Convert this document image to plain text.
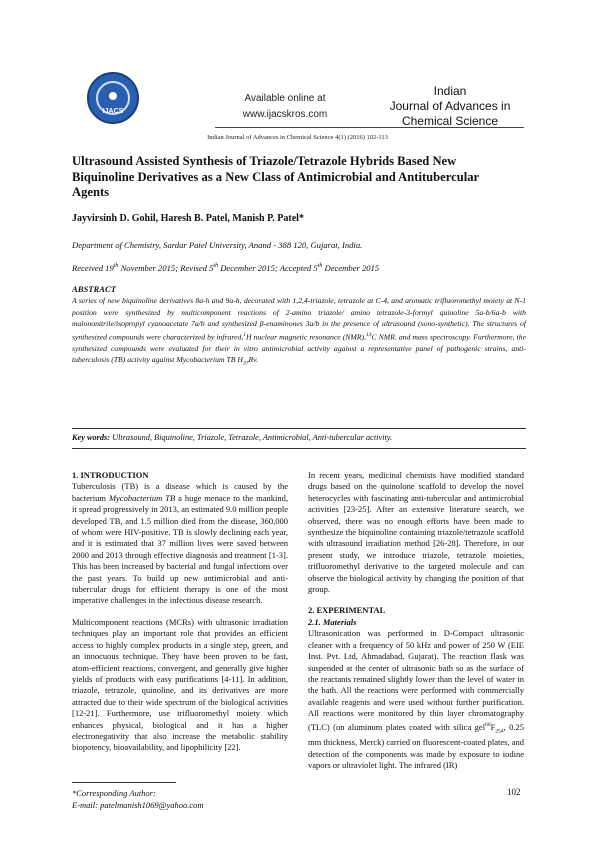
IJACS
Available online at
www.ijacskros.com
Indian
Journal of Advances in
Chemical Science
Indian Journal of Advances in Chemical Science 4(1) (2016) 102-113
Ultrasound Assisted Synthesis of Triazole/Tetrazole Hybrids Based New
Biquinoline Derivatives as a New Class of Antimicrobial and Antitubercular
Agents
Jayvirsinh D. Gohil, Haresh B. Patel, Manish P. Patel*
Department of Chemistry, Sardar Patel University, Anand - 388 120, Gujarat, India.
Received 19th November 2015; Revised 5th December 2015; Accepted 5th December 2015
ABSTRACT
A series of new biquinoline derivatives 8a-h and 9a-h, decorated with 1,2,4-triazole, tetrazole at C-4, and aromatic trifluoromethyl moiety at N-1 position were synthesized by multicomponent reactions of 2-amino triazole/ amino tetrazole-3-formyl quinoline 5a-b/6a-b with malononitrile/isopropyl cyanoacetate 7a/b and synthesized β-enaminones 3a/b in the presence of ultrasound (sono-synthetic). The structures of synthesized compounds were characterized by infrared,$^1$H nuclear magnetic resonance (NMR),$^{13}$C NMR, and mass spectroscopy. Furthermore, the synthesized compounds were evaluated for their in vitro antimicrobial activity against a representative panel of pathogenic strains, anti-tuberculosis (TB) activity against Mycobacterium TB $H_{37}Rv$.
Key words: Ultrasound, Biquinoline, Triazole, Tetrazole, Antimicrobial, Anti-tubercular activity.

1. INTRODUCTION

Tuberculosis (TB) is a disease which is caused by the bacterium Mycobacterium TB a huge menace to the mankind, it spread progressively in 2013, an estimated 9.0 million people developed TB, and 1.5 million died from the disease, 360,000 of whom were HIV-positive. TB is slowly declining each year, and it is estimated that 37 million lives were saved between 2000 and 2013 through effective diagnosis and treatment [1-3]. This has been increased by bacterial and fungal infections over the past years. To build up new antimicrobial and anti-tubercular drugs for efficient therapy is one of the most imperative challenges in the infectious disease research.

Multicomponent reactions (MCRs) with ultrasonic irradiation techniques play an important role that provides an efficient access to highly complex products in a single step, green, and an innocuous technique. They have been proven to be fast, atom-efficient reactions, convergent, and generally give higher yields of products with easy purifications [4-11]. In addition, triazole, tetrazole, quinoline, and its derivatives are more attracted due to their wide spectrum of the biological activities [12-21]. Furthermore, use trifluoromethyl moiety which enhances physical, biological and it has a higher electronegativity that also increase the metabolic stability biopotency, bioavailability, and lipophilicity [22].

In recent years, medicinal chemists have modified standard drugs based on the quinolone scaffold to develop the novel heterocycles with fascinating anti-tubercular and antimicrobial activities [23-25]. After an extensive literature search, we observed, there was no enough efforts have been made to synthesize the biquinoline containing triazole/tetrazole scaffold with ultrasound irradiation method [26-28]. Therefore, in our present study, we introduce triazole, tetrazole moieties, trifluoromethyl derivative to the targeted molecule and can observe the biological activity by changing the position of that group.

2. EXPERIMENTAL

2.1. Materials

Ultrasonication was performed in D-Compact ultrasonic cleaner with a frequency of 50 kHz and power of 250 W (EIE Inst. Pvt. Ltd, Ahmadabad, Gujarat). The reaction flask was suspended at the center of ultrasonic bath so as the surface of the reactants remained slightly lower than the level of water in the bath. All the reactions were performed with commercially available reagents and were used without further purification. All reactions were monitored by thin layer chromatography (TLC) (on aluminum plates coated with silica $gel^{60}F_{254}$, 0.25 mm thickness, Merck) carried on fluorescent-coated plates, and detection of the components was made by exposure to iodine vapors or ultraviolet light. The infrared (IR)

*Corresponding Author:
E-mail: patelmanish1069@yahoo.com
102
